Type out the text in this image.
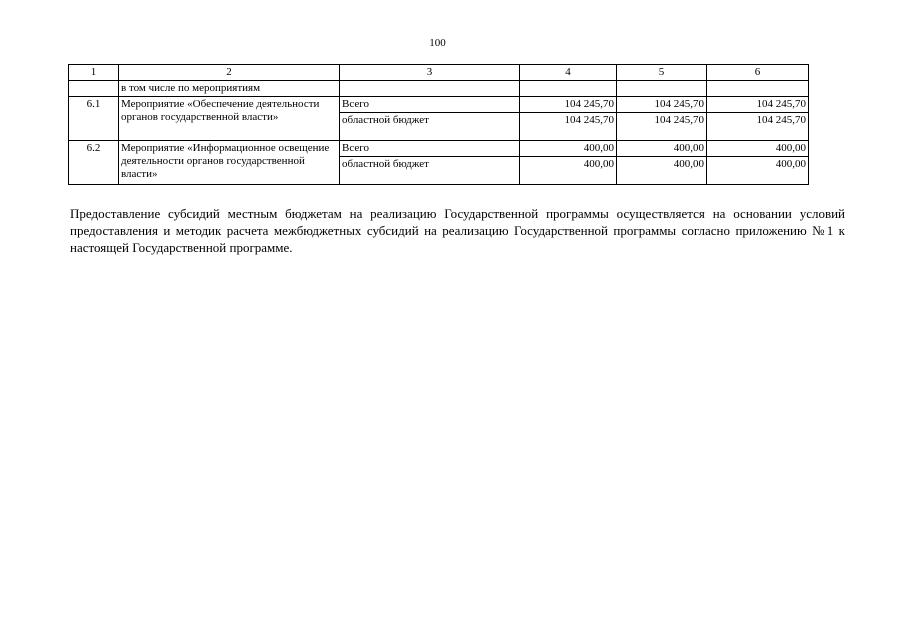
100
1	2	3	4	5	6
	в том числе по мероприятиям				
6.1	Мероприятие «Обеспечение деятельности органов государственной власти»	Всего	104 245,70	104 245,70	104 245,70
		областной бюджет	104 245,70	104 245,70	104 245,70
6.2	Мероприятие «Информационное освещение деятельности органов государственной власти»	Всего	400,00	400,00	400,00
		областной бюджет	400,00	400,00	400,00

Предоставление субсидий местным бюджетам на реализацию Государственной программы осуществляется на основании условий предоставления и методик расчета межбюджетных субсидий на реализацию Государственной программы согласно приложению №1 к настоящей Государственной программе.
